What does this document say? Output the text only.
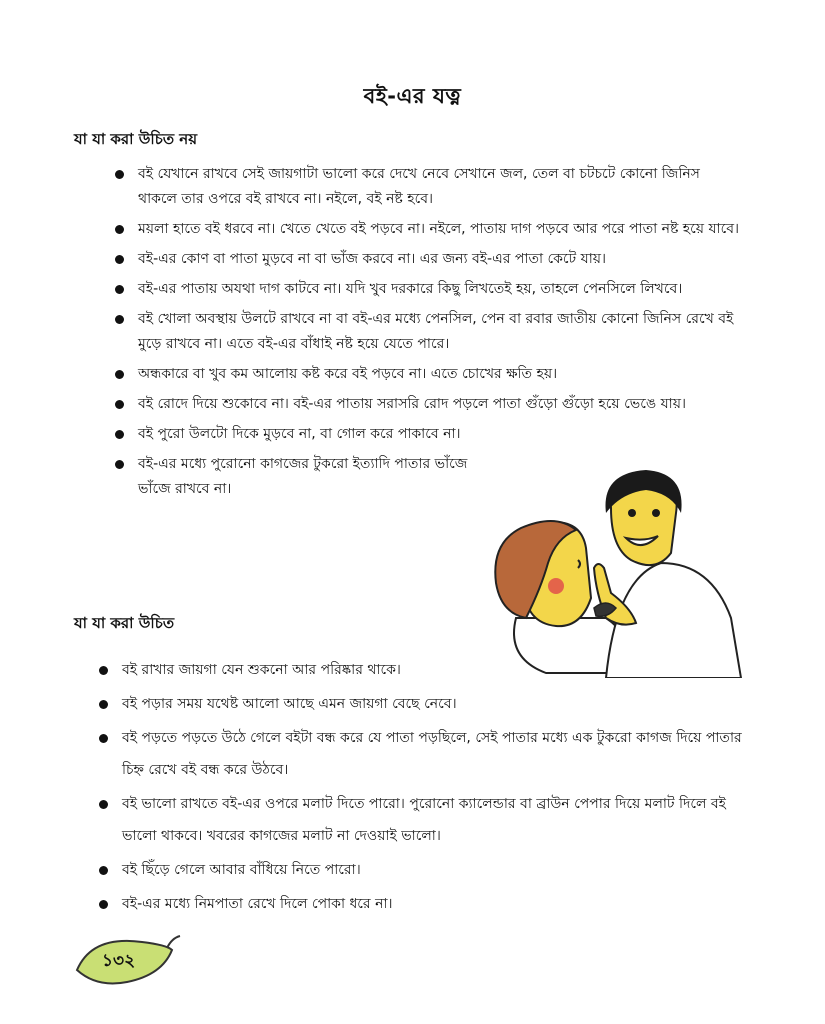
বই-এর যত্ন
যা যা করা উচিত নয়
বই যেখানে রাখবে সেই জায়গাটা ভালো করে দেখে নেবে সেখানে জল, তেল বা চটচটে কোনো জিনিস থাকলে তার ওপরে বই রাখবে না। নইলে, বই নষ্ট হবে।
ময়লা হাতে বই ধরবে না। খেতে খেতে বই পড়বে না। নইলে, পাতায় দাগ পড়বে আর পরে পাতা নষ্ট হয়ে যাবে।
বই-এর কোণ বা পাতা মুড়বে না বা ভাঁজ করবে না। এর জন্য বই-এর পাতা কেটে যায়।
বই-এর পাতায় অযথা দাগ কাটবে না। যদি খুব দরকারে কিছু লিখতেই হয়, তাহলে পেনসিলে লিখবে।
বই খোলা অবস্থায় উলটে রাখবে না বা বই-এর মধ্যে পেনসিল, পেন বা রবার জাতীয় কোনো জিনিস রেখে বই মুড়ে রাখবে না। এতে বই-এর বাঁধাই নষ্ট হয়ে যেতে পারে।
অন্ধকারে বা খুব কম আলোয় কষ্ট করে বই পড়বে না। এতে চোখের ক্ষতি হয়।
বই রোদে দিয়ে শুকোবে না। বই-এর পাতায় সরাসরি রোদ পড়লে পাতা গুঁড়ো গুঁড়ো হয়ে ভেঙে যায়।
বই পুরো উলটো দিকে মুড়বে না, বা গোল করে পাকাবে না।
বই-এর মধ্যে পুরোনো কাগজের টুকরো ইত্যাদি পাতার ভাঁজে ভাঁজে রাখবে না।
যা যা করা উচিত
বই রাখার জায়গা যেন শুকনো আর পরিষ্কার থাকে।
বই পড়ার সময় যথেষ্ট আলো আছে এমন জায়গা বেছে নেবে।
বই পড়তে পড়তে উঠে গেলে বইটা বন্ধ করে যে পাতা পড়ছিলে, সেই পাতার মধ্যে এক টুকরো কাগজ দিয়ে পাতার চিহ্ন রেখে বই বন্ধ করে উঠবে।
বই ভালো রাখতে বই-এর ওপরে মলাট দিতে পারো। পুরোনো ক্যালেন্ডার বা ব্রাউন পেপার দিয়ে মলাট দিলে বই ভালো থাকবে। খবরের কাগজের মলাট না দেওয়াই ভালো।
বই ছিঁড়ে গেলে আবার বাঁধিয়ে নিতে পারো।
বই-এর মধ্যে নিমপাতা রেখে দিলে পোকা ধরে না।
১৩২
